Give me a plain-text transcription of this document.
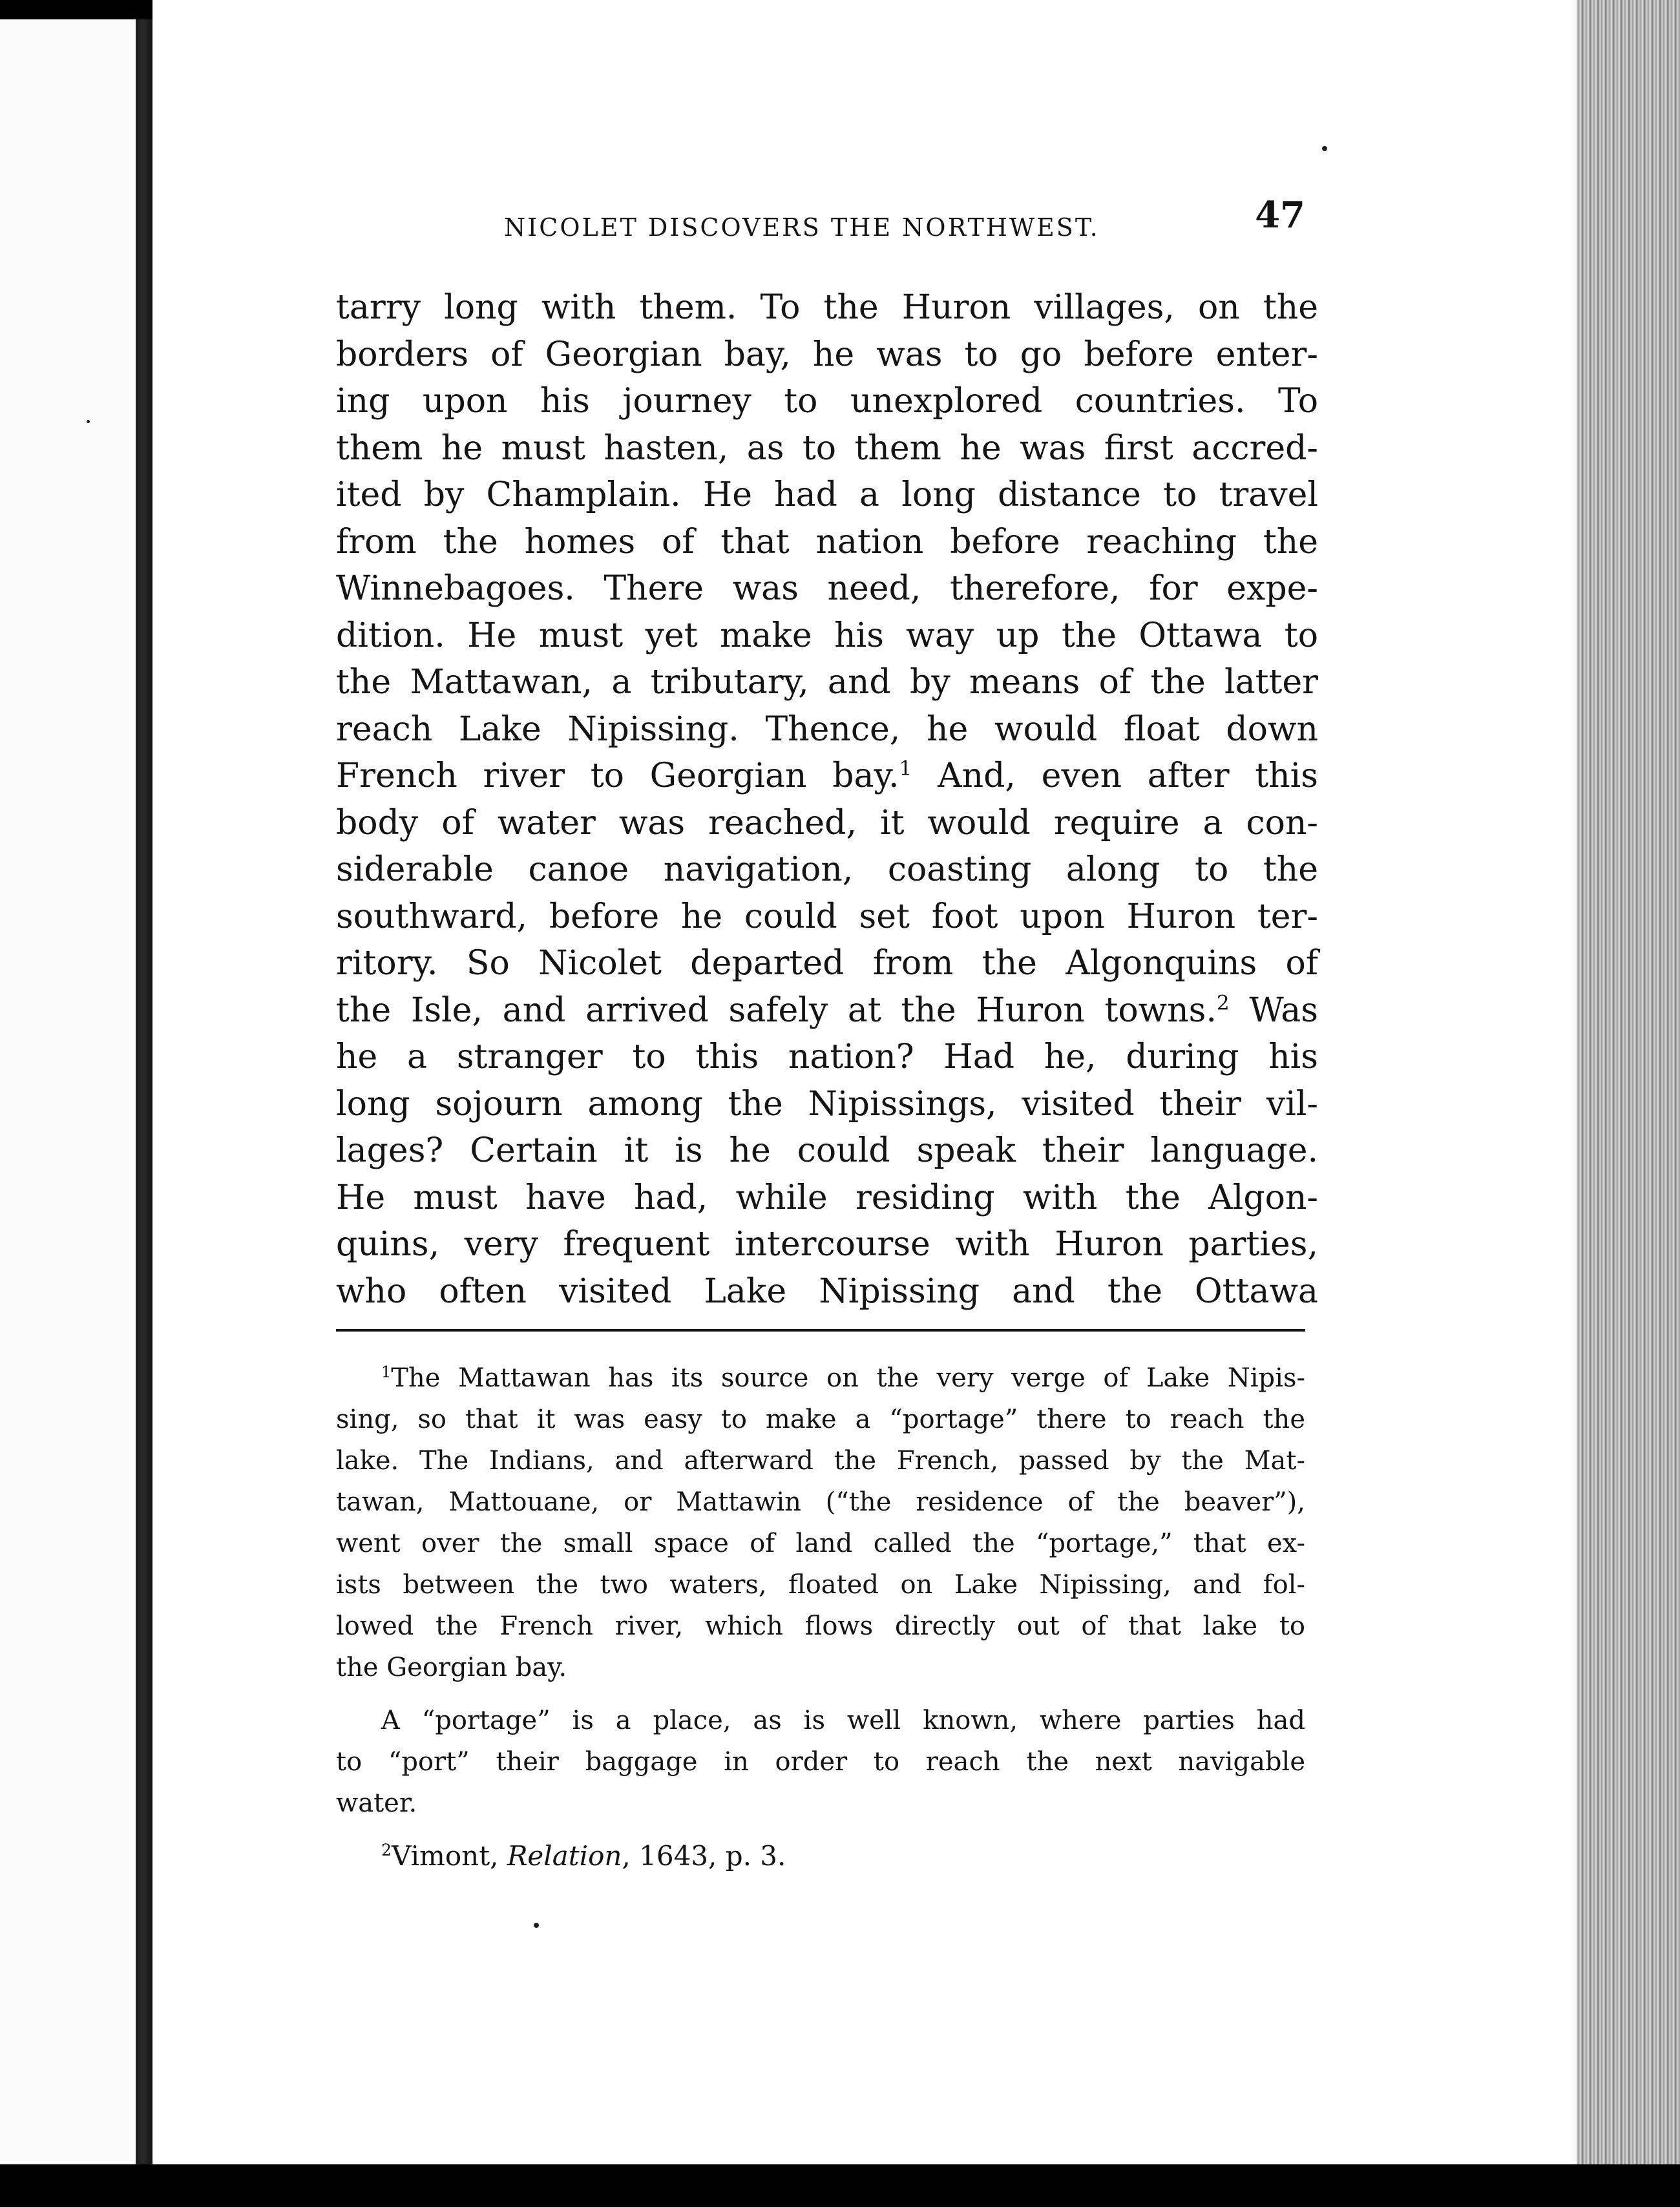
NICOLET DISCOVERS THE NORTHWEST.	47
tarry long with them. To the Huron villages, on the
borders of Georgian bay, he was to go before enter-
ing upon his journey to unexplored countries. To
them he must hasten, as to them he was first accred-
ited by Champlain. He had a long distance to travel
from the homes of that nation before reaching the
Winnebagoes. There was need, therefore, for expe-
dition. He must yet make his way up the Ottawa to
the Mattawan, a tributary, and by means of the latter
reach Lake Nipissing. Thence, he would float down
French river to Georgian bay.$^1$ And, even after this
body of water was reached, it would require a con-
siderable canoe navigation, coasting along to the
southward, before he could set foot upon Huron ter-
ritory. So Nicolet departed from the Algonquins of
the Isle, and arrived safely at the Huron towns.$^2$ Was
he a stranger to this nation? Had he, during his
long sojourn among the Nipissings, visited their vil-
lages? Certain it is he could speak their language.
He must have had, while residing with the Algon-
quins, very frequent intercourse with Huron parties,
who often visited Lake Nipissing and the Ottawa
$^1$The Mattawan has its source on the very verge of Lake Nipis-
sing, so that it was easy to make a “portage” there to reach the
lake. The Indians, and afterward the French, passed by the Mat-
tawan, Mattouane, or Mattawin (“the residence of the beaver”),
went over the small space of land called the “portage,” that ex-
ists between the two waters, floated on Lake Nipissing, and fol-
lowed the French river, which flows directly out of that lake to
the Georgian bay.
A “portage” is a place, as is well known, where parties had
to “port” their baggage in order to reach the next navigable
water.
$^2$Vimont, Relation, 1643, p. 3.
